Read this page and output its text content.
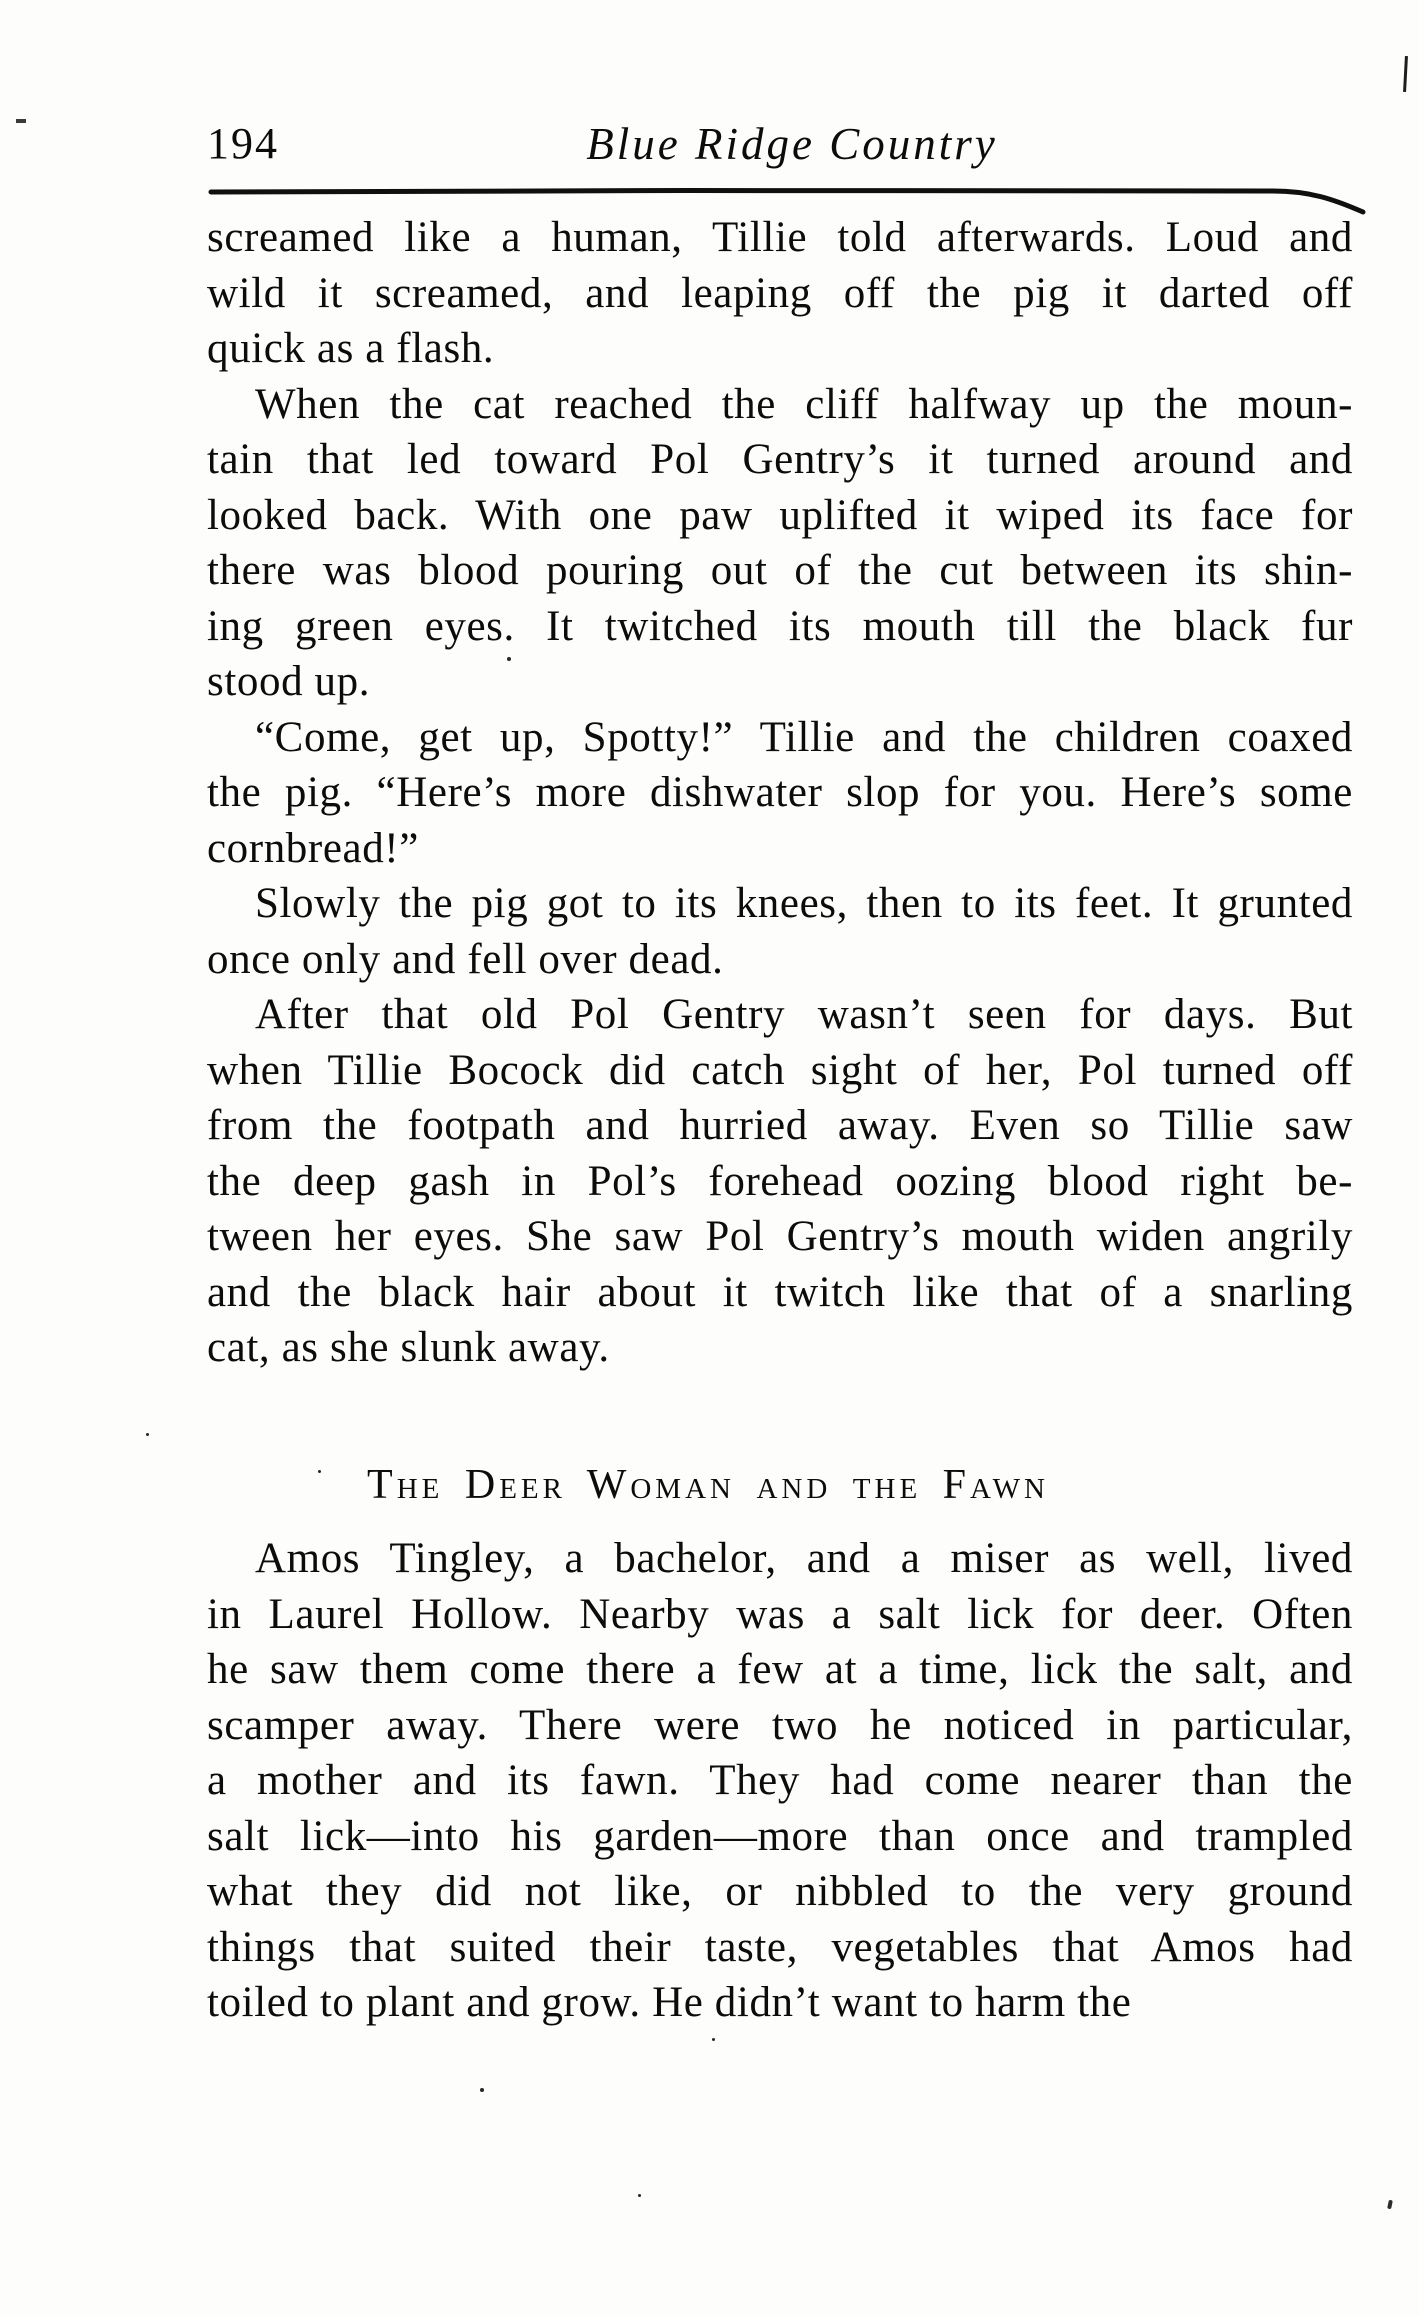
194	Blue Ridge Country
screamed like a human, Tillie told afterwards. Loud and
wild it screamed, and leaping off the pig it darted off
quick as a flash.
When the cat reached the cliff halfway up the moun-
tain that led toward Pol Gentry’s it turned around and
looked back. With one paw uplifted it wiped its face for
there was blood pouring out of the cut between its shin-
ing green eyes. It twitched its mouth till the black fur
stood up.
“Come, get up, Spotty!” Tillie and the children coaxed
the pig. “Here’s more dishwater slop for you. Here’s some
cornbread!”
Slowly the pig got to its knees, then to its feet. It grunted
once only and fell over dead.
After that old Pol Gentry wasn’t seen for days. But
when Tillie Bocock did catch sight of her, Pol turned off
from the footpath and hurried away. Even so Tillie saw
the deep gash in Pol’s forehead oozing blood right be-
tween her eyes. She saw Pol Gentry’s mouth widen angrily
and the black hair about it twitch like that of a snarling
cat, as she slunk away.
The Deer Woman and the Fawn
Amos Tingley, a bachelor, and a miser as well, lived
in Laurel Hollow. Nearby was a salt lick for deer. Often
he saw them come there a few at a time, lick the salt, and
scamper away. There were two he noticed in particular,
a mother and its fawn. They had come nearer than the
salt lick—into his garden—more than once and trampled
what they did not like, or nibbled to the very ground
things that suited their taste, vegetables that Amos had
toiled to plant and grow. He didn’t want to harm the
